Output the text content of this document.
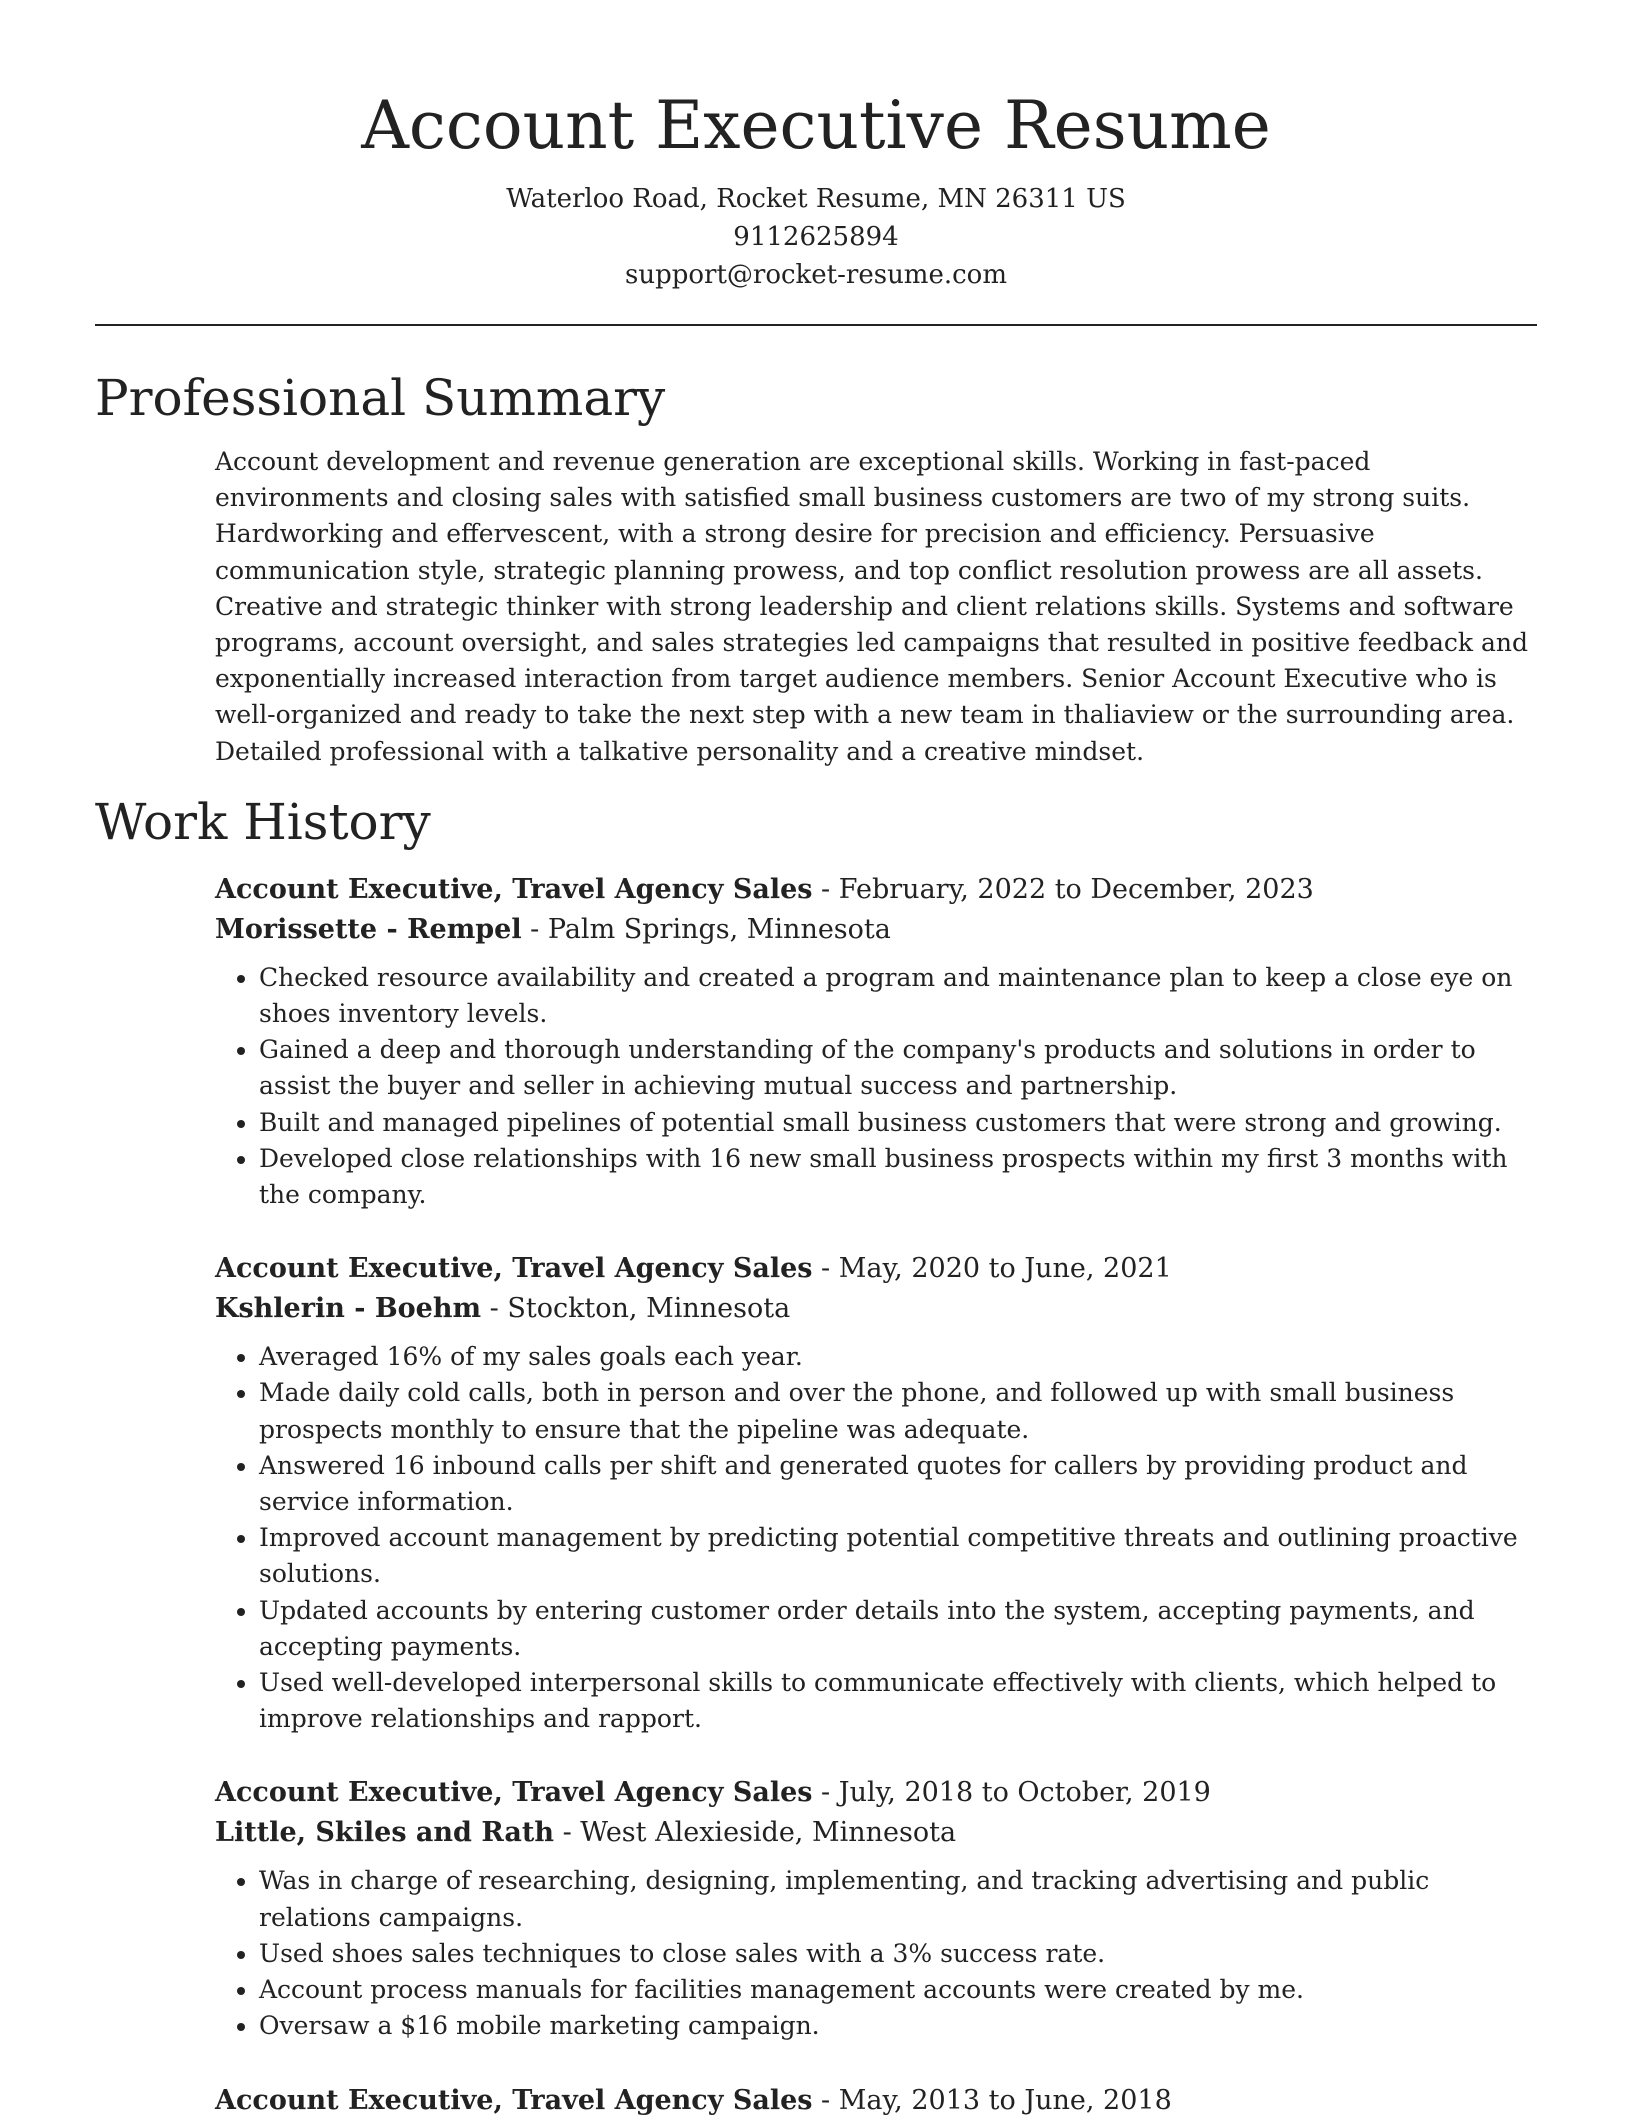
Account Executive Resume
Waterloo Road, Rocket Resume, MN 26311 US
9112625894
support@rocket-resume.com
Professional Summary

Account development and revenue generation are exceptional skills. Working in fast-paced environments and closing sales with satisfied small business customers are two of my strong suits. Hardworking and effervescent, with a strong desire for precision and efficiency. Persuasive communication style, strategic planning prowess, and top conflict resolution prowess are all assets. Creative and strategic thinker with strong leadership and client relations skills. Systems and software programs, account oversight, and sales strategies led campaigns that resulted in positive feedback and exponentially increased interaction from target audience members. Senior Account Executive who is well-organized and ready to take the next step with a new team in thaliaview or the surrounding area. Detailed professional with a talkative personality and a creative mindset.

Work History
Account Executive, Travel Agency Sales - February, 2022 to December, 2023
Morissette - Rempel - Palm Springs, Minnesota
• Checked resource availability and created a program and maintenance plan to keep a close eye on shoes inventory levels.
• Gained a deep and thorough understanding of the company's products and solutions in order to assist the buyer and seller in achieving mutual success and partnership.
• Built and managed pipelines of potential small business customers that were strong and growing.
• Developed close relationships with 16 new small business prospects within my first 3 months with the company.
Account Executive, Travel Agency Sales - May, 2020 to June, 2021
Kshlerin - Boehm - Stockton, Minnesota
• Averaged 16% of my sales goals each year.
• Made daily cold calls, both in person and over the phone, and followed up with small business prospects monthly to ensure that the pipeline was adequate.
• Answered 16 inbound calls per shift and generated quotes for callers by providing product and service information.
• Improved account management by predicting potential competitive threats and outlining proactive solutions.
• Updated accounts by entering customer order details into the system, accepting payments, and accepting payments.
• Used well-developed interpersonal skills to communicate effectively with clients, which helped to improve relationships and rapport.
Account Executive, Travel Agency Sales - July, 2018 to October, 2019
Little, Skiles and Rath - West Alexieside, Minnesota
• Was in charge of researching, designing, implementing, and tracking advertising and public relations campaigns.
• Used shoes sales techniques to close sales with a 3% success rate.
• Account process manuals for facilities management accounts were created by me.
• Oversaw a $16 mobile marketing campaign.
Account Executive, Travel Agency Sales - May, 2013 to June, 2018
